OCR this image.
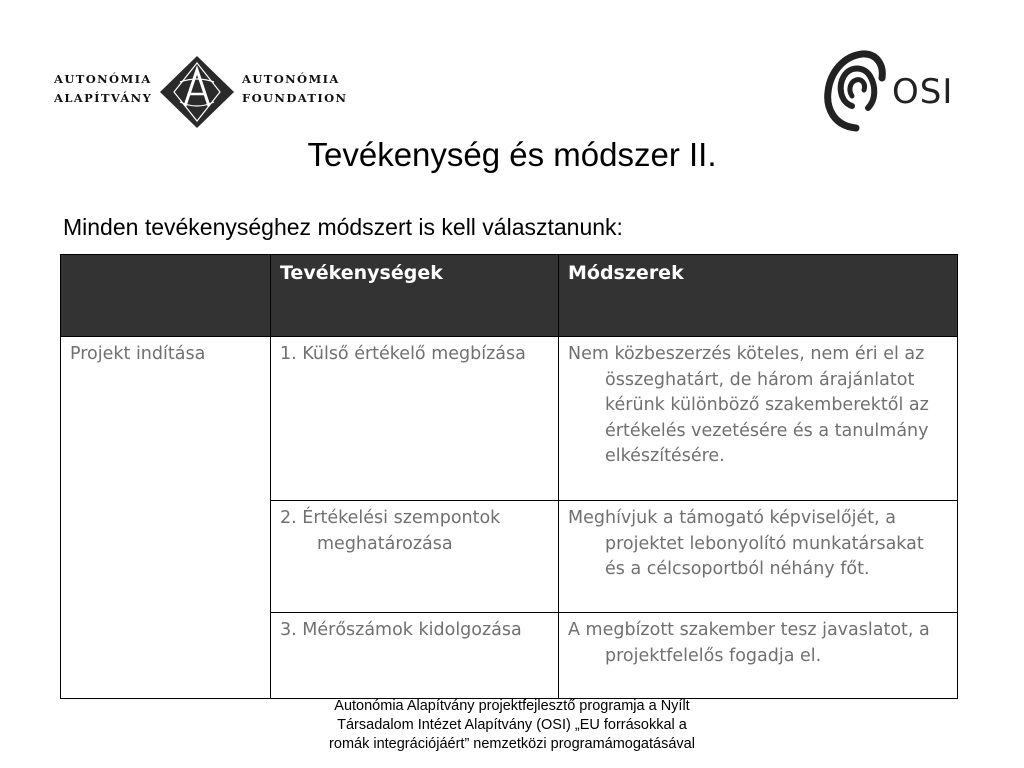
AUTONÓMIA
ALAPÍTVÁNY
AUTONÓMIA
FOUNDATION	OSI
Tevékenység és módszer II.
Minden tevékenységhez módszert is kell választanunk:
	Tevékenységek	Módszerek
Projekt indítása	1. Külső értékelő megbízása	Nem közbeszerzés köteles, nem éri el az összeghatárt, de három árajánlatot kérünk különböző szakemberektől az értékelés vezetésére és a tanulmány elkészítésére.

	2. Értékelési szempontok meghatározása	Meghívjuk a támogató képviselőjét, a projektet lebonyolító munkatársakat és a célcsoportból néhány főt.

	3. Mérőszámok kidolgozása	A megbízott szakember tesz javaslatot, a projektfelelős fogadja el.
Autonómia Alapítvány projektfejlesztő programja a Nyílt
Társadalom Intézet Alapítvány (OSI) „EU forrásokkal a
romák integrációjáért” nemzetközi programámogatásával
